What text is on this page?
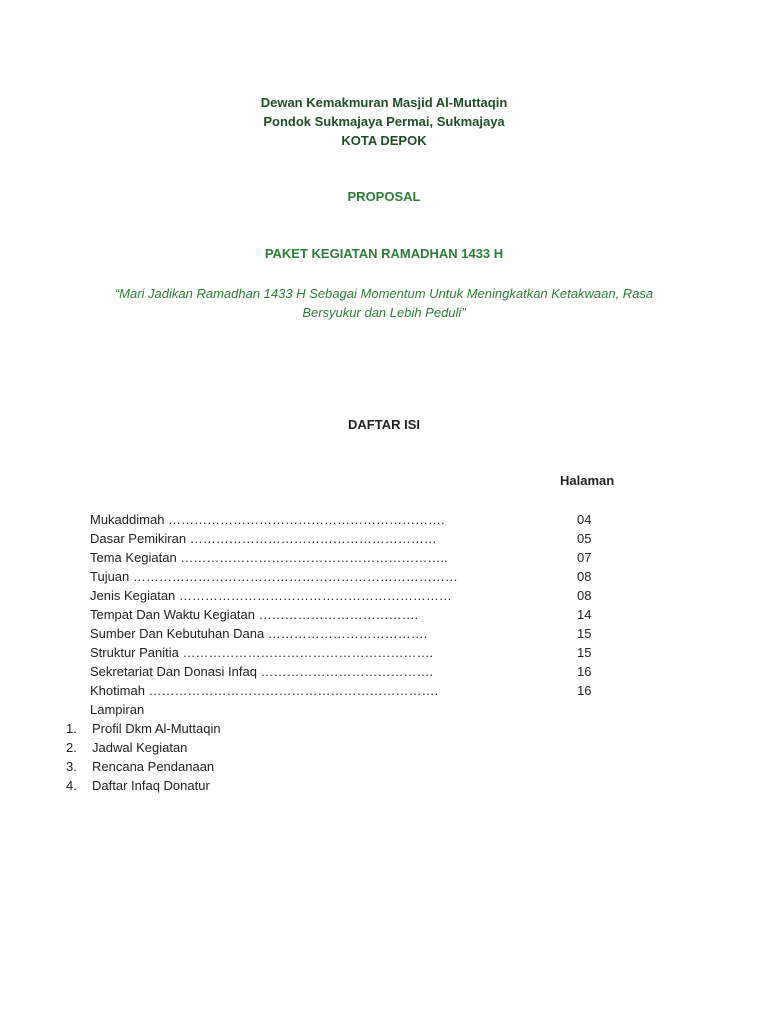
Dewan Kemakmuran Masjid Al-Muttaqin
Pondok Sukmajaya Permai, Sukmajaya
KOTA DEPOK
PROPOSAL
PAKET KEGIATAN RAMADHAN 1433 H
“Mari Jadikan Ramadhan 1433 H Sebagai Momentum Untuk Meningkatkan Ketakwaan, Rasa
Bersyukur dan Lebih Peduli”
DAFTAR ISI
Halaman
Mukaddimah ……………………………………………………….	04
Dasar Pemikiran …………………………………………………	05
Tema Kegiatan ……………………………………………………..	07
Tujuan …………………………………………………………………	08
Jenis Kegiatan ………………………………………………………	08
Tempat Dan Waktu Kegiatan ……………………………….	14
Sumber Dan Kebutuhan Dana ……………………………….	15
Struktur Panitia ………………………………………………….	15
Sekretariat Dan Donasi Infaq ………………………………….	16
Khotimah ………………………………………………………….	16
Lampiran
1. Profil Dkm Al-Muttaqin
2. Jadwal Kegiatan
3. Rencana Pendanaan
4. Daftar Infaq Donatur
